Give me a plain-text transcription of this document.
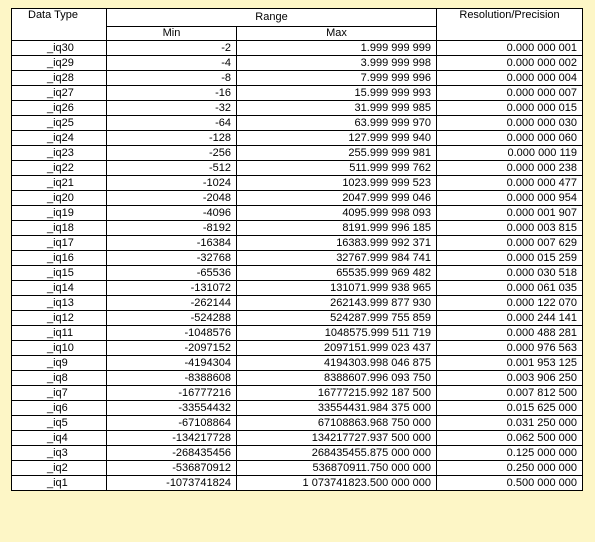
Data Type	Range		Resolution/Precision
	Min	Max	
_iq30	-2	1.999 999 999	0.000 000 001
_iq29	-4	3.999 999 998	0.000 000 002
_iq28	-8	7.999 999 996	0.000 000 004
_iq27	-16	15.999 999 993	0.000 000 007
_iq26	-32	31.999 999 985	0.000 000 015
_iq25	-64	63.999 999 970	0.000 000 030
_iq24	-128	127.999 999 940	0.000 000 060
_iq23	-256	255.999 999 981	0.000 000 119
_iq22	-512	511.999 999 762	0.000 000 238
_iq21	-1024	1023.999 999 523	0.000 000 477
_iq20	-2048	2047.999 999 046	0.000 000 954
_iq19	-4096	4095.999 998 093	0.000 001 907
_iq18	-8192	8191.999 996 185	0.000 003 815
_iq17	-16384	16383.999 992 371	0.000 007 629
_iq16	-32768	32767.999 984 741	0.000 015 259
_iq15	-65536	65535.999 969 482	0.000 030 518
_iq14	-131072	131071.999 938 965	0.000 061 035
_iq13	-262144	262143.999 877 930	0.000 122 070
_iq12	-524288	524287.999 755 859	0.000 244 141
_iq11	-1048576	1048575.999 511 719	0.000 488 281
_iq10	-2097152	2097151.999 023 437	0.000 976 563
_iq9	-4194304	4194303.998 046 875	0.001 953 125
_iq8	-8388608	8388607.996 093 750	0.003 906 250
_iq7	-16777216	16777215.992 187 500	0.007 812 500
_iq6	-33554432	33554431.984 375 000	0.015 625 000
_iq5	-67108864	67108863.968 750 000	0.031 250 000
_iq4	-134217728	134217727.937 500 000	0.062 500 000
_iq3	-268435456	268435455.875 000 000	0.125 000 000
_iq2	-536870912	536870911.750 000 000	0.250 000 000
_iq1	-1073741824	1 073741823.500 000 000	0.500 000 000
